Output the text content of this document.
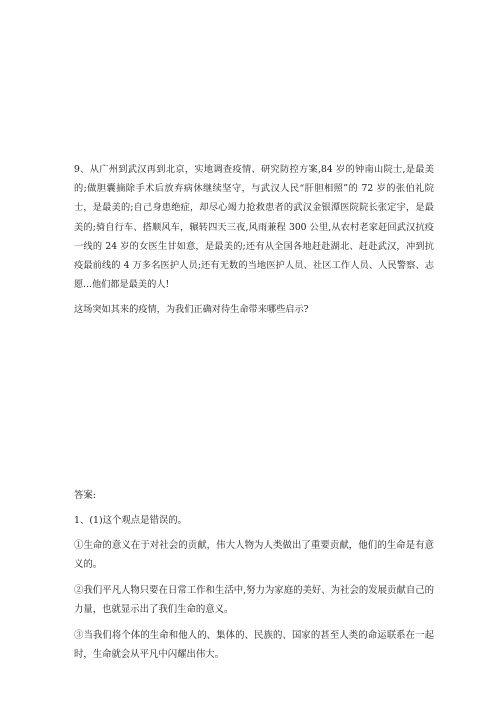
9、从广州到武汉再到北京，实地调查疫情、研究防控方案,84 岁的钟南山院士,是最美的;做胆囊摘除手术后放弃病休继续坚守，与武汉人民“肝胆相照”的 72 岁的张伯礼院士，是最美的;自己身患绝症，却尽心竭力抢救患者的武汉金银潭医院院长张定宇，是最美的;骑自行车、搭顺风车，辗转四天三夜,风雨兼程 300 公里,从农村老家赶回武汉抗疫一线的 24 岁的女医生甘如意，是最美的;还有从全国各地赶赴湖北、赶赴武汉，冲到抗疫最前线的 4 万多名医护人员;还有无数的当地医护人员、社区工作人员、人民警察、志愿...他们都是最美的人!

这场突如其来的疫情，为我们正确对待生命带来哪些启示?

答案:

1、(1)这个观点是错误的。

①生命的意义在于对社会的贡献，伟大人物为人类做出了重要贡献，他们的生命是有意义的。

②我们平凡人物只要在日常工作和生活中,努力为家庭的美好、为社会的发展贡献自己的力量，也就显示出了我们生命的意义。

③当我们将个体的生命和他人的、集体的、民族的、国家的甚至人类的命运联系在一起时，生命就会从平凡中闪耀出伟大。
